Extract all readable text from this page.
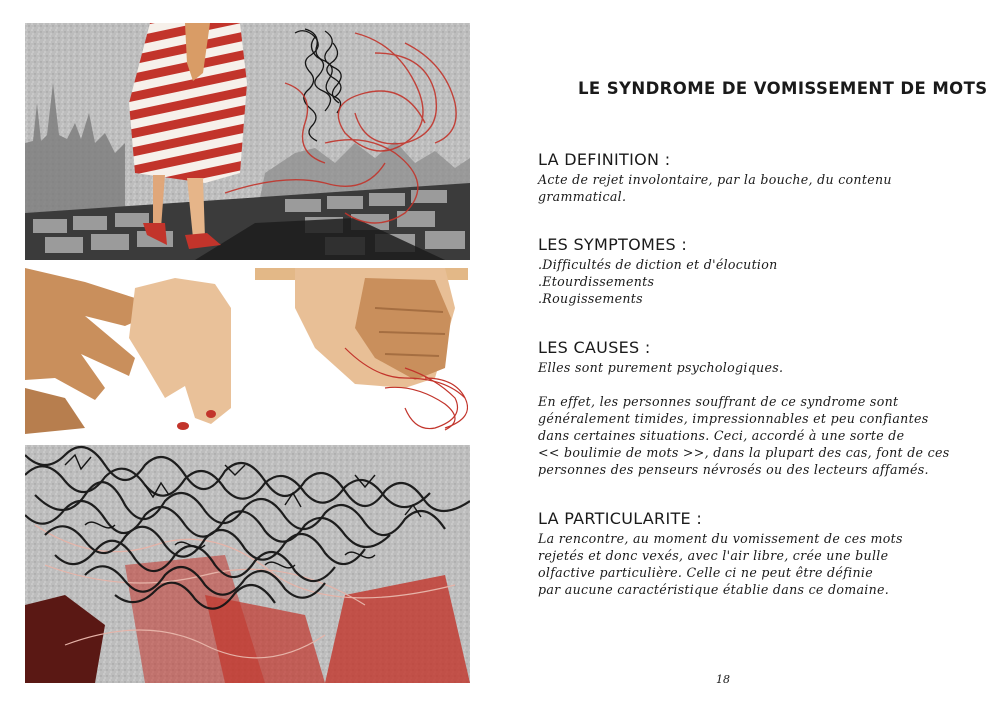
LE SYNDROME DE VOMISSEMENT DE MOTS
LA DEFINITION :

Acte de rejet involontaire, par la bouche, du contenu
grammatical.

LES SYMPTOMES :

.Difficultés de diction et d'élocution
.Etourdissements
.Rougissements

LES CAUSES :

Elles sont purement psychologiques.

En effet, les personnes souffrant de ce syndrome sont
généralement timides, impressionnables et peu confiantes
dans certaines situations. Ceci, accordé à une sorte de
<< boulimie de mots >>, dans la plupart des cas, font de ces
personnes des penseurs névrosés ou des lecteurs affamés.

LA PARTICULARITE :

La rencontre, au moment du vomissement de ces mots
rejetés et donc vexés, avec l'air libre, crée une bulle
olfactive particulière. Celle ci ne peut être définie
par aucune caractéristique établie dans ce domaine.

18
